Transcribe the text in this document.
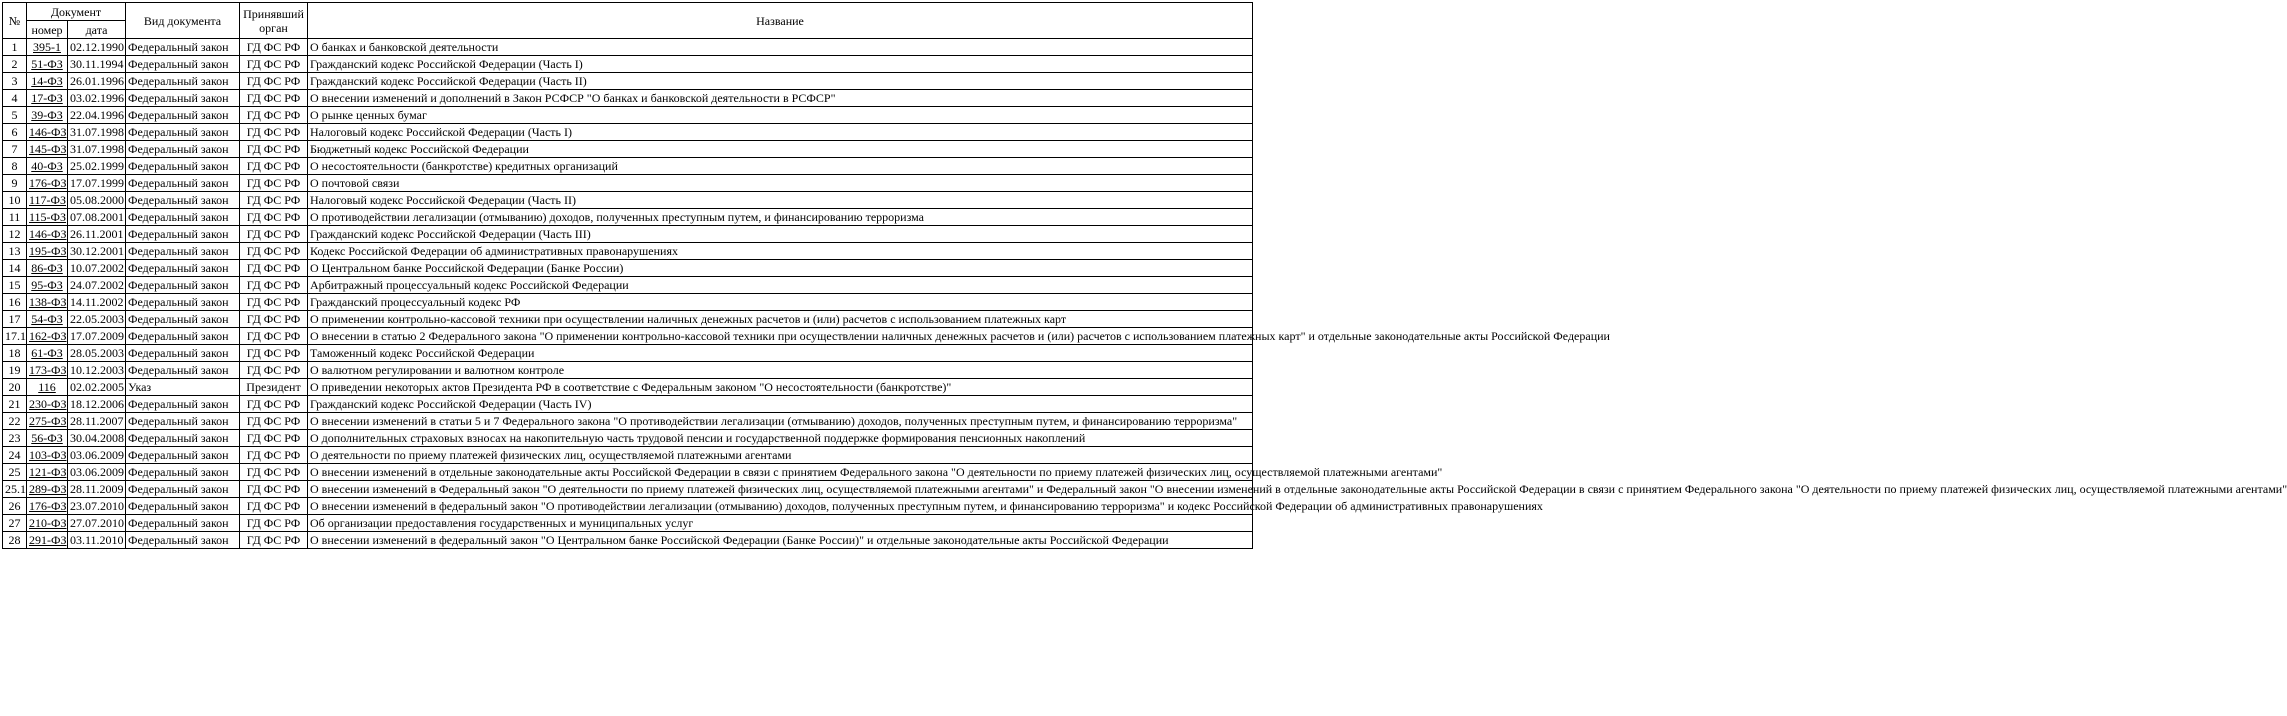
№	Документ		Вид документа	Принявший орган	Название
	номер	дата			
1	395-1	02.12.1990	Федеральный закон	ГД ФС РФ	О банках и банковской деятельности
2	51-ФЗ	30.11.1994	Федеральный закон	ГД ФС РФ	Гражданский кодекс Российской Федерации (Часть I)
3	14-ФЗ	26.01.1996	Федеральный закон	ГД ФС РФ	Гражданский кодекс Российской Федерации (Часть II)
4	17-ФЗ	03.02.1996	Федеральный закон	ГД ФС РФ	О внесении изменений и дополнений в Закон РСФСР "О банках и банковской деятельности в РСФСР"
5	39-ФЗ	22.04.1996	Федеральный закон	ГД ФС РФ	О рынке ценных бумаг
6	146-ФЗ	31.07.1998	Федеральный закон	ГД ФС РФ	Налоговый кодекс Российской Федерации (Часть I)
7	145-ФЗ	31.07.1998	Федеральный закон	ГД ФС РФ	Бюджетный кодекс Российской Федерации
8	40-ФЗ	25.02.1999	Федеральный закон	ГД ФС РФ	О несостоятельности (банкротстве) кредитных организаций
9	176-ФЗ	17.07.1999	Федеральный закон	ГД ФС РФ	О почтовой связи
10	117-ФЗ	05.08.2000	Федеральный закон	ГД ФС РФ	Налоговый кодекс Российской Федерации (Часть II)
11	115-ФЗ	07.08.2001	Федеральный закон	ГД ФС РФ	О противодействии легализации (отмыванию) доходов, полученных преступным путем, и финансированию терроризма
12	146-ФЗ	26.11.2001	Федеральный закон	ГД ФС РФ	Гражданский кодекс Российской Федерации (Часть III)
13	195-ФЗ	30.12.2001	Федеральный закон	ГД ФС РФ	Кодекс Российской Федерации об административных правонарушениях
14	86-ФЗ	10.07.2002	Федеральный закон	ГД ФС РФ	О Центральном банке Российской Федерации (Банке России)
15	95-ФЗ	24.07.2002	Федеральный закон	ГД ФС РФ	Арбитражный процессуальный кодекс Российской Федерации
16	138-ФЗ	14.11.2002	Федеральный закон	ГД ФС РФ	Гражданский процессуальный кодекс РФ
17	54-ФЗ	22.05.2003	Федеральный закон	ГД ФС РФ	О применении контрольно-кассовой техники при осуществлении наличных денежных расчетов и (или) расчетов с использованием платежных карт
17.1	162-ФЗ	17.07.2009	Федеральный закон	ГД ФС РФ	О внесении в статью 2 Федерального закона "О применении контрольно-кассовой техники при осуществлении наличных денежных расчетов и (или) расчетов с использованием платежных карт" и отдельные законодательные акты Российской Федерации
18	61-ФЗ	28.05.2003	Федеральный закон	ГД ФС РФ	Таможенный кодекс Российской Федерации
19	173-ФЗ	10.12.2003	Федеральный закон	ГД ФС РФ	О валютном регулировании и валютном контроле
20	116	02.02.2005	Указ	Президент	О приведении некоторых актов Президента РФ в соответствие с Федеральным законом "О несостоятельности (банкротстве)"
21	230-ФЗ	18.12.2006	Федеральный закон	ГД ФС РФ	Гражданский кодекс Российской Федерации (Часть IV)
22	275-ФЗ	28.11.2007	Федеральный закон	ГД ФС РФ	О внесении изменений в статьи 5 и 7 Федерального закона "О противодействии легализации (отмыванию) доходов, полученных преступным путем, и финансированию терроризма"
23	56-ФЗ	30.04.2008	Федеральный закон	ГД ФС РФ	О дополнительных страховых взносах на накопительную часть трудовой пенсии и государственной поддержке формирования пенсионных накоплений
24	103-ФЗ	03.06.2009	Федеральный закон	ГД ФС РФ	О деятельности по приему платежей физических лиц, осуществляемой платежными агентами
25	121-ФЗ	03.06.2009	Федеральный закон	ГД ФС РФ	О внесении изменений в отдельные законодательные акты Российской Федерации в связи с принятием Федерального закона "О деятельности по приему платежей физических лиц, осуществляемой платежными агентами"
25.1	289-ФЗ	28.11.2009	Федеральный закон	ГД ФС РФ	О внесении изменений в Федеральный закон "О деятельности по приему платежей физических лиц, осуществляемой платежными агентами" и Федеральный закон "О внесении изменений в отдельные законодательные акты Российской Федерации в связи с принятием Федерального закона "О деятельности по приему платежей физических лиц, осуществляемой платежными агентами"
26	176-ФЗ	23.07.2010	Федеральный закон	ГД ФС РФ	О внесении изменений в федеральный закон "О противодействии легализации (отмыванию) доходов, полученных преступным путем, и финансированию терроризма" и кодекс Российской Федерации об административных правонарушениях
27	210-ФЗ	27.07.2010	Федеральный закон	ГД ФС РФ	Об организации предоставления государственных и муниципальных услуг
28	291-ФЗ	03.11.2010	Федеральный закон	ГД ФС РФ	О внесении изменений в федеральный закон "О Центральном банке Российской Федерации (Банке России)" и отдельные законодательные акты Российской Федерации
